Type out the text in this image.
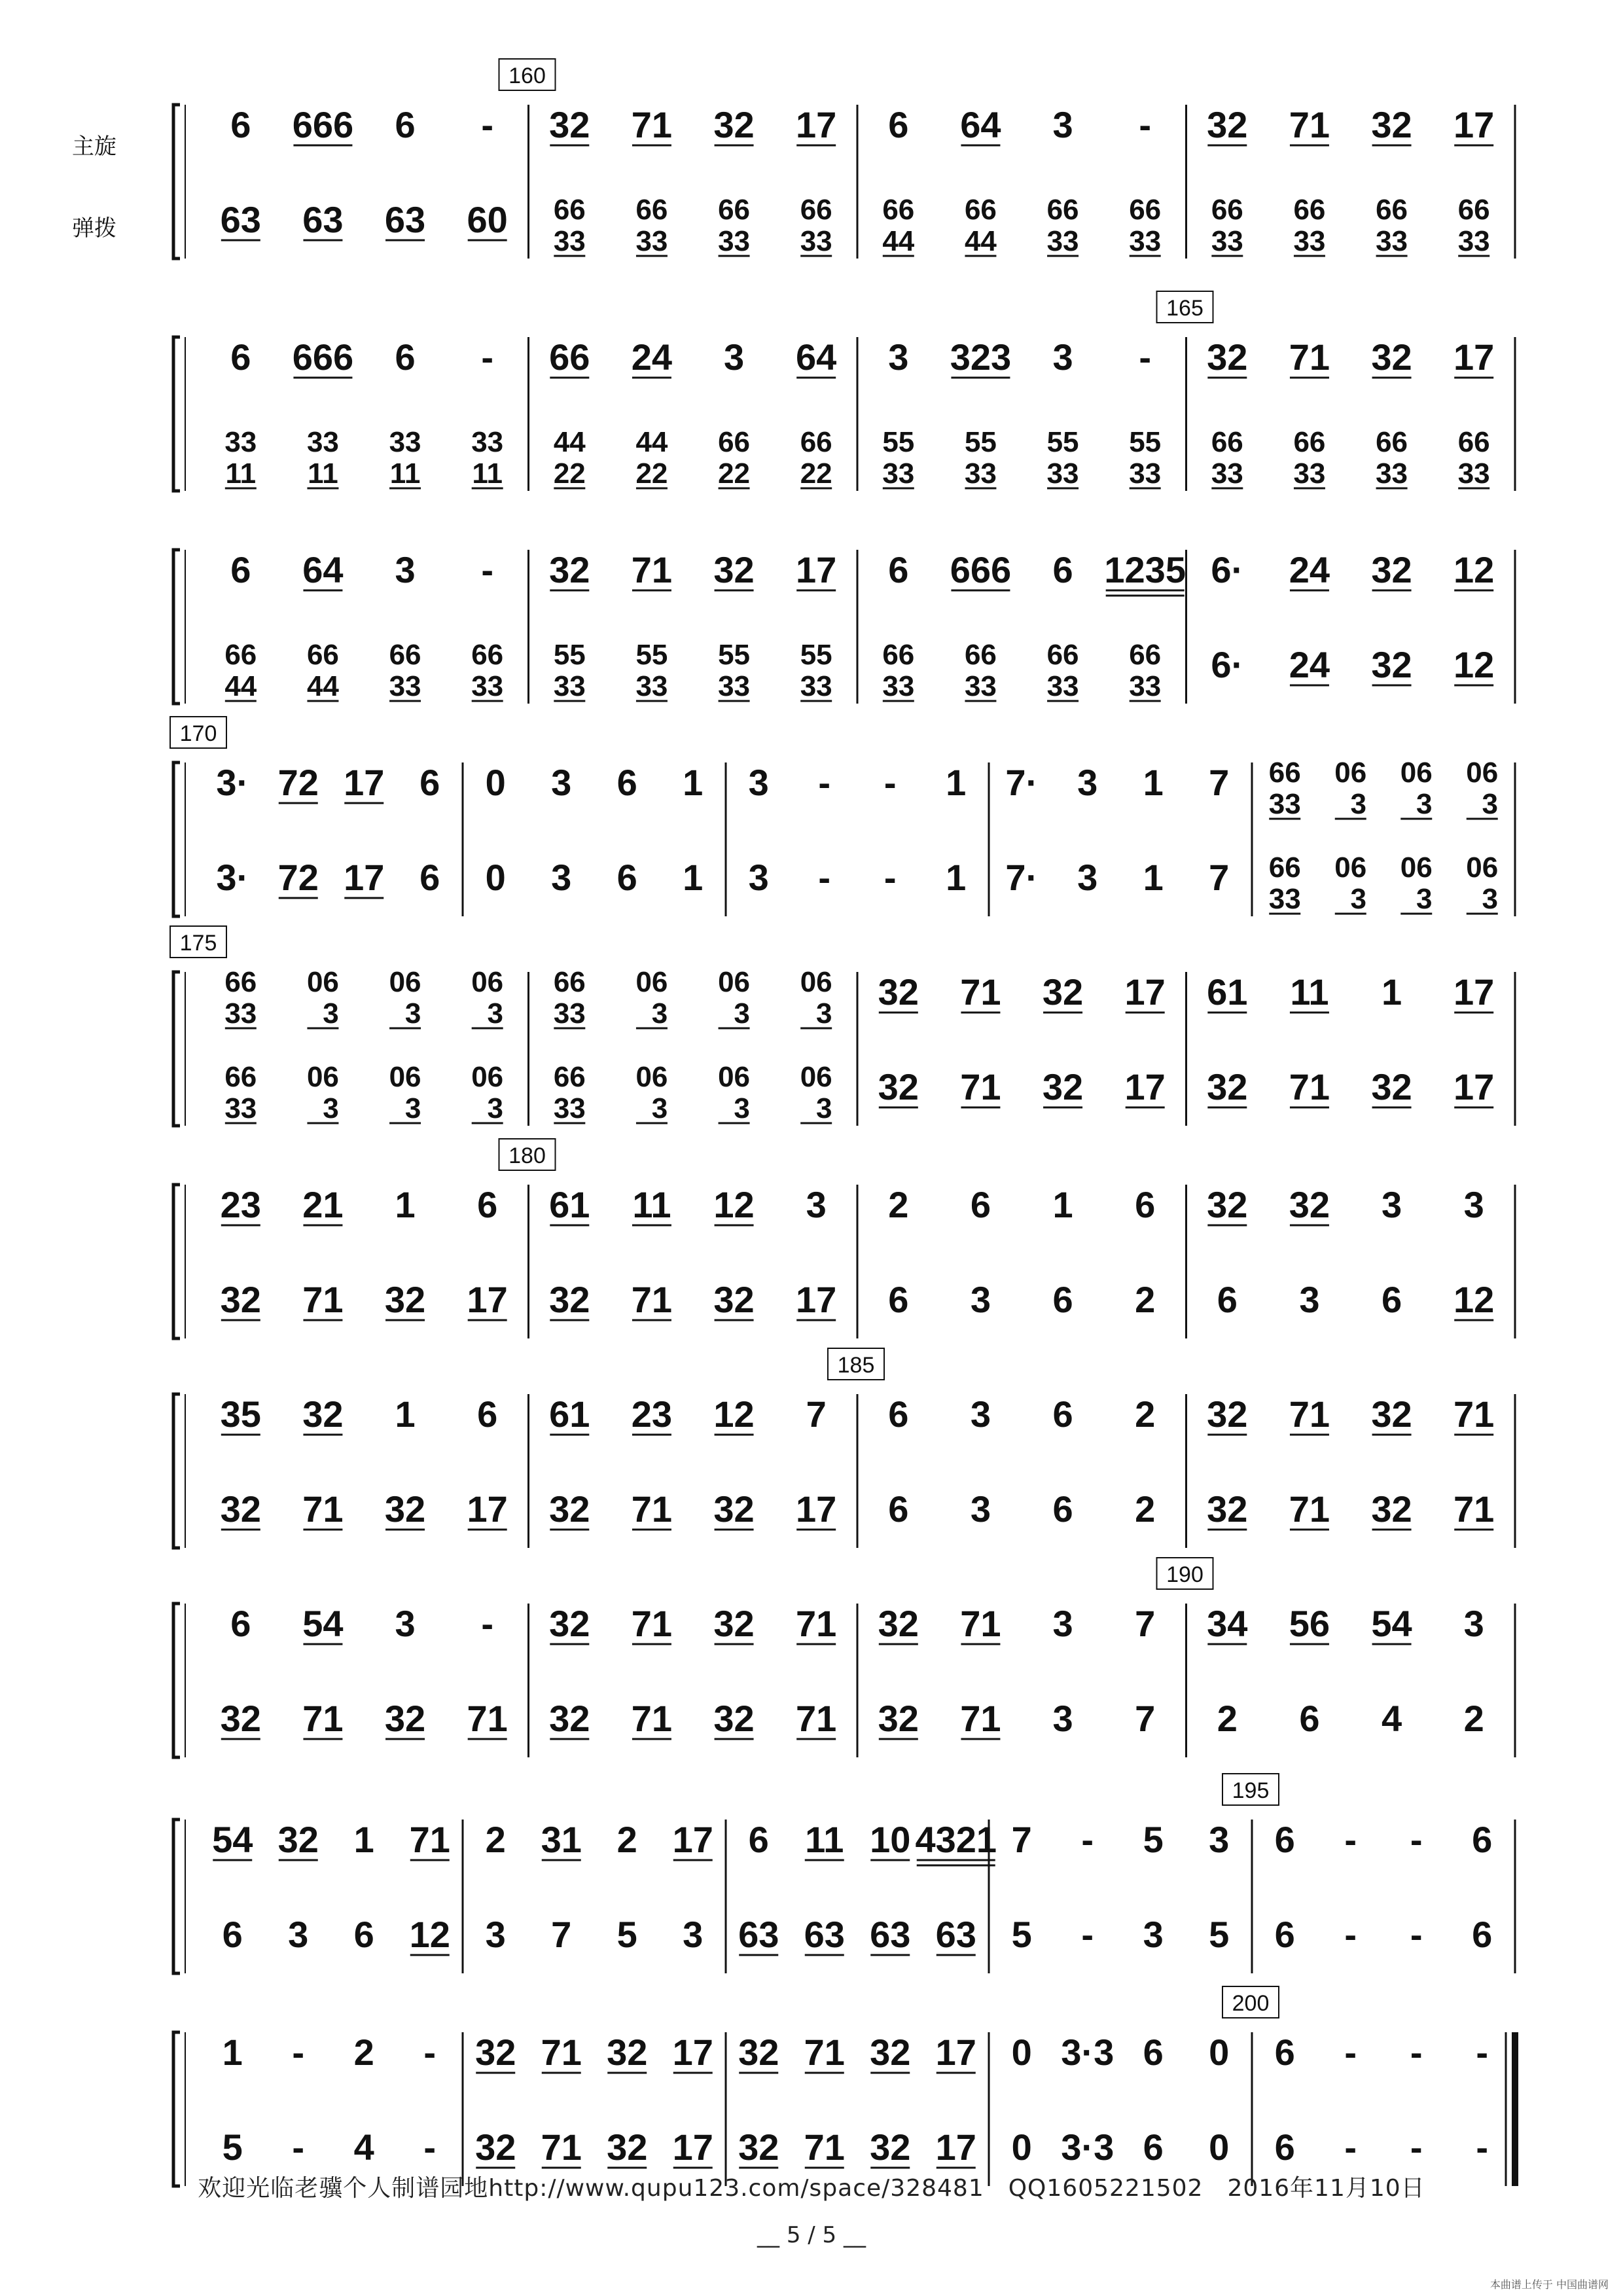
主旋
弹拨
160
6 666 6 -
63 63 63 60
32 71 32 17
66
33
66
33
66
33
66
33
6 64 3 -
66
44
66
44
66
33
66
33
32 71 32 17
66
33
66
33
66
33
66
33
165
6 666 6 -
33
11
33
11
33
11
33
11
66 24 3 64
44
22
44
22
66
22
66
22
3 323 3 -
55
33
55
33
55
33
55
33
32 71 32 17
66
33
66
33
66
33
66
33
6 64 3 -
66
44
66
44
66
33
66
33
32 71 32 17
55
33
55
33
55
33
55
33
6 666 6 1235
66
33
66
33
66
33
66
33
6· 24 32 12
6· 24 32 12
170
3· 72 17 6
3· 72 17 6
0 3 6 1
0 3 6 1
3 - - 1
3 - - 1
7· 3 1 7
7· 3 1 7
66
33
06
3
06
3
06
3
66
33
06
3
06
3
06
3
175
66
33
06
3
06
3
06
3
66
33
06
3
06
3
06
3
66
33
06
3
06
3
06
3
66
33
06
3
06
3
06
3
32 71 32 17
32 71 32 17
61 11 1 17
32 71 32 17
180
23 21 1 6
32 71 32 17
61 11 12 3
32 71 32 17
2 6 1 6
6 3 6 2
32 32 3 3
6 3 6 12
185
35 32 1 6
32 71 32 17
61 23 12 7
32 71 32 17
6 3 6 2
6 3 6 2
32 71 32 71
32 71 32 71
190
6 54 3 -
32 71 32 71
32 71 32 71
32 71 32 71
32 71 3 7
32 71 3 7
34 56 54 3
2 6 4 2
195
54 32 1 71
6 3 6 12
2 31 2 17
3 7 5 3
6 11 10 4321
63 63 63 63
7 - 5 3
5 - 3 5
6 - - 6
6 - - 6
200
1 - 2 -
5 - 4 -
32 71 32 17
32 71 32 17
32 71 32 17
32 71 32 17
0 3·3 6 0
0 3·3 6 0
6 - - -
6 - - -
欢迎光临老骥个人制谱园地http://www.qupu123.com/space/328481　QQ1605221502　2016年11月10日
__ 5 / 5 __
本曲谱上传于 中国曲谱网
